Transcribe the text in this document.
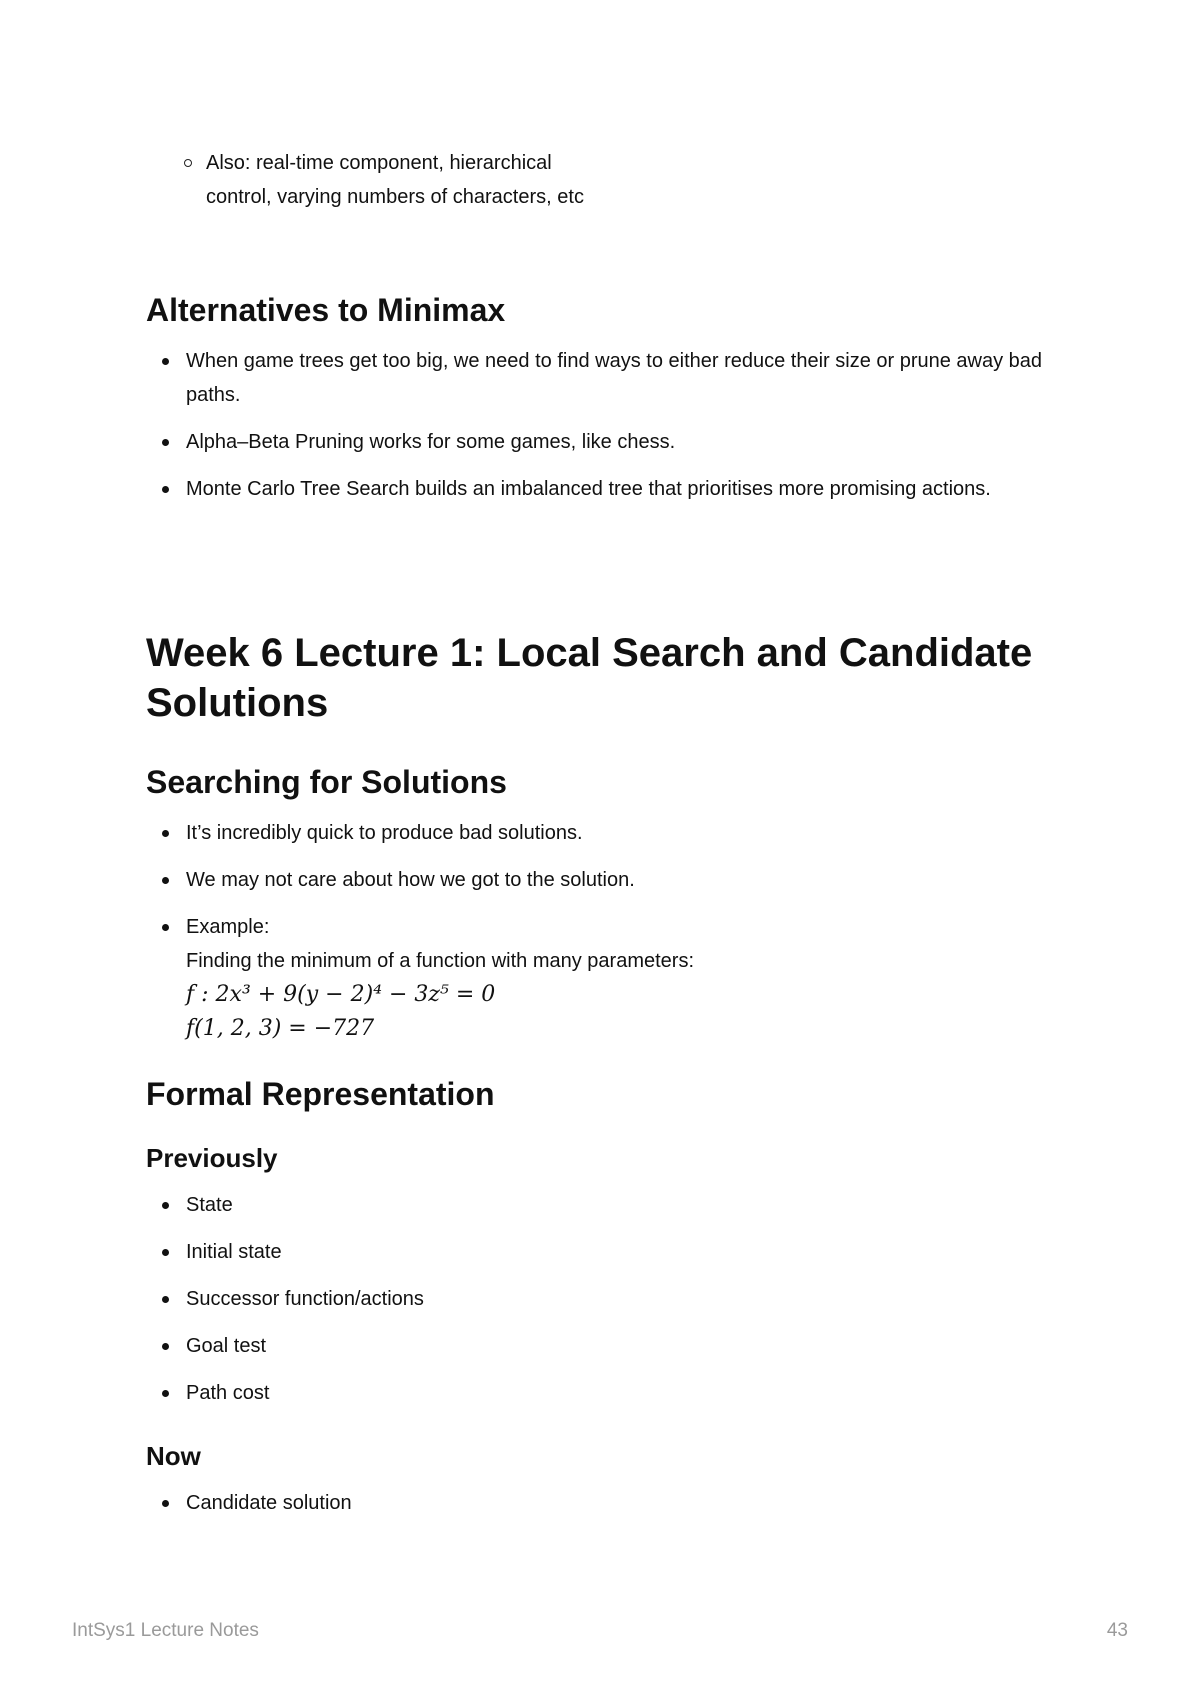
Also: real-time component, hierarchical
control, varying numbers of characters, etc
Alternatives to Minimax
When game trees get too big, we need to find ways to either reduce their size or prune away bad paths.
Alpha–Beta Pruning works for some games, like chess.
Monte Carlo Tree Search builds an imbalanced tree that prioritises more promising actions.
Week 6 Lecture 1: Local Search and Candidate
Solutions
Searching for Solutions
It’s incredibly quick to produce bad solutions.
We may not care about how we got to the solution.
Example:
Finding the minimum of a function with many parameters:
f : 2x³ + 9(y − 2)⁴ − 3z⁵ = 0
f(1, 2, 3) = −727
Formal Representation
Previously
State
Initial state
Successor function/actions
Goal test
Path cost
Now
Candidate solution
IntSys1 Lecture Notes	43
